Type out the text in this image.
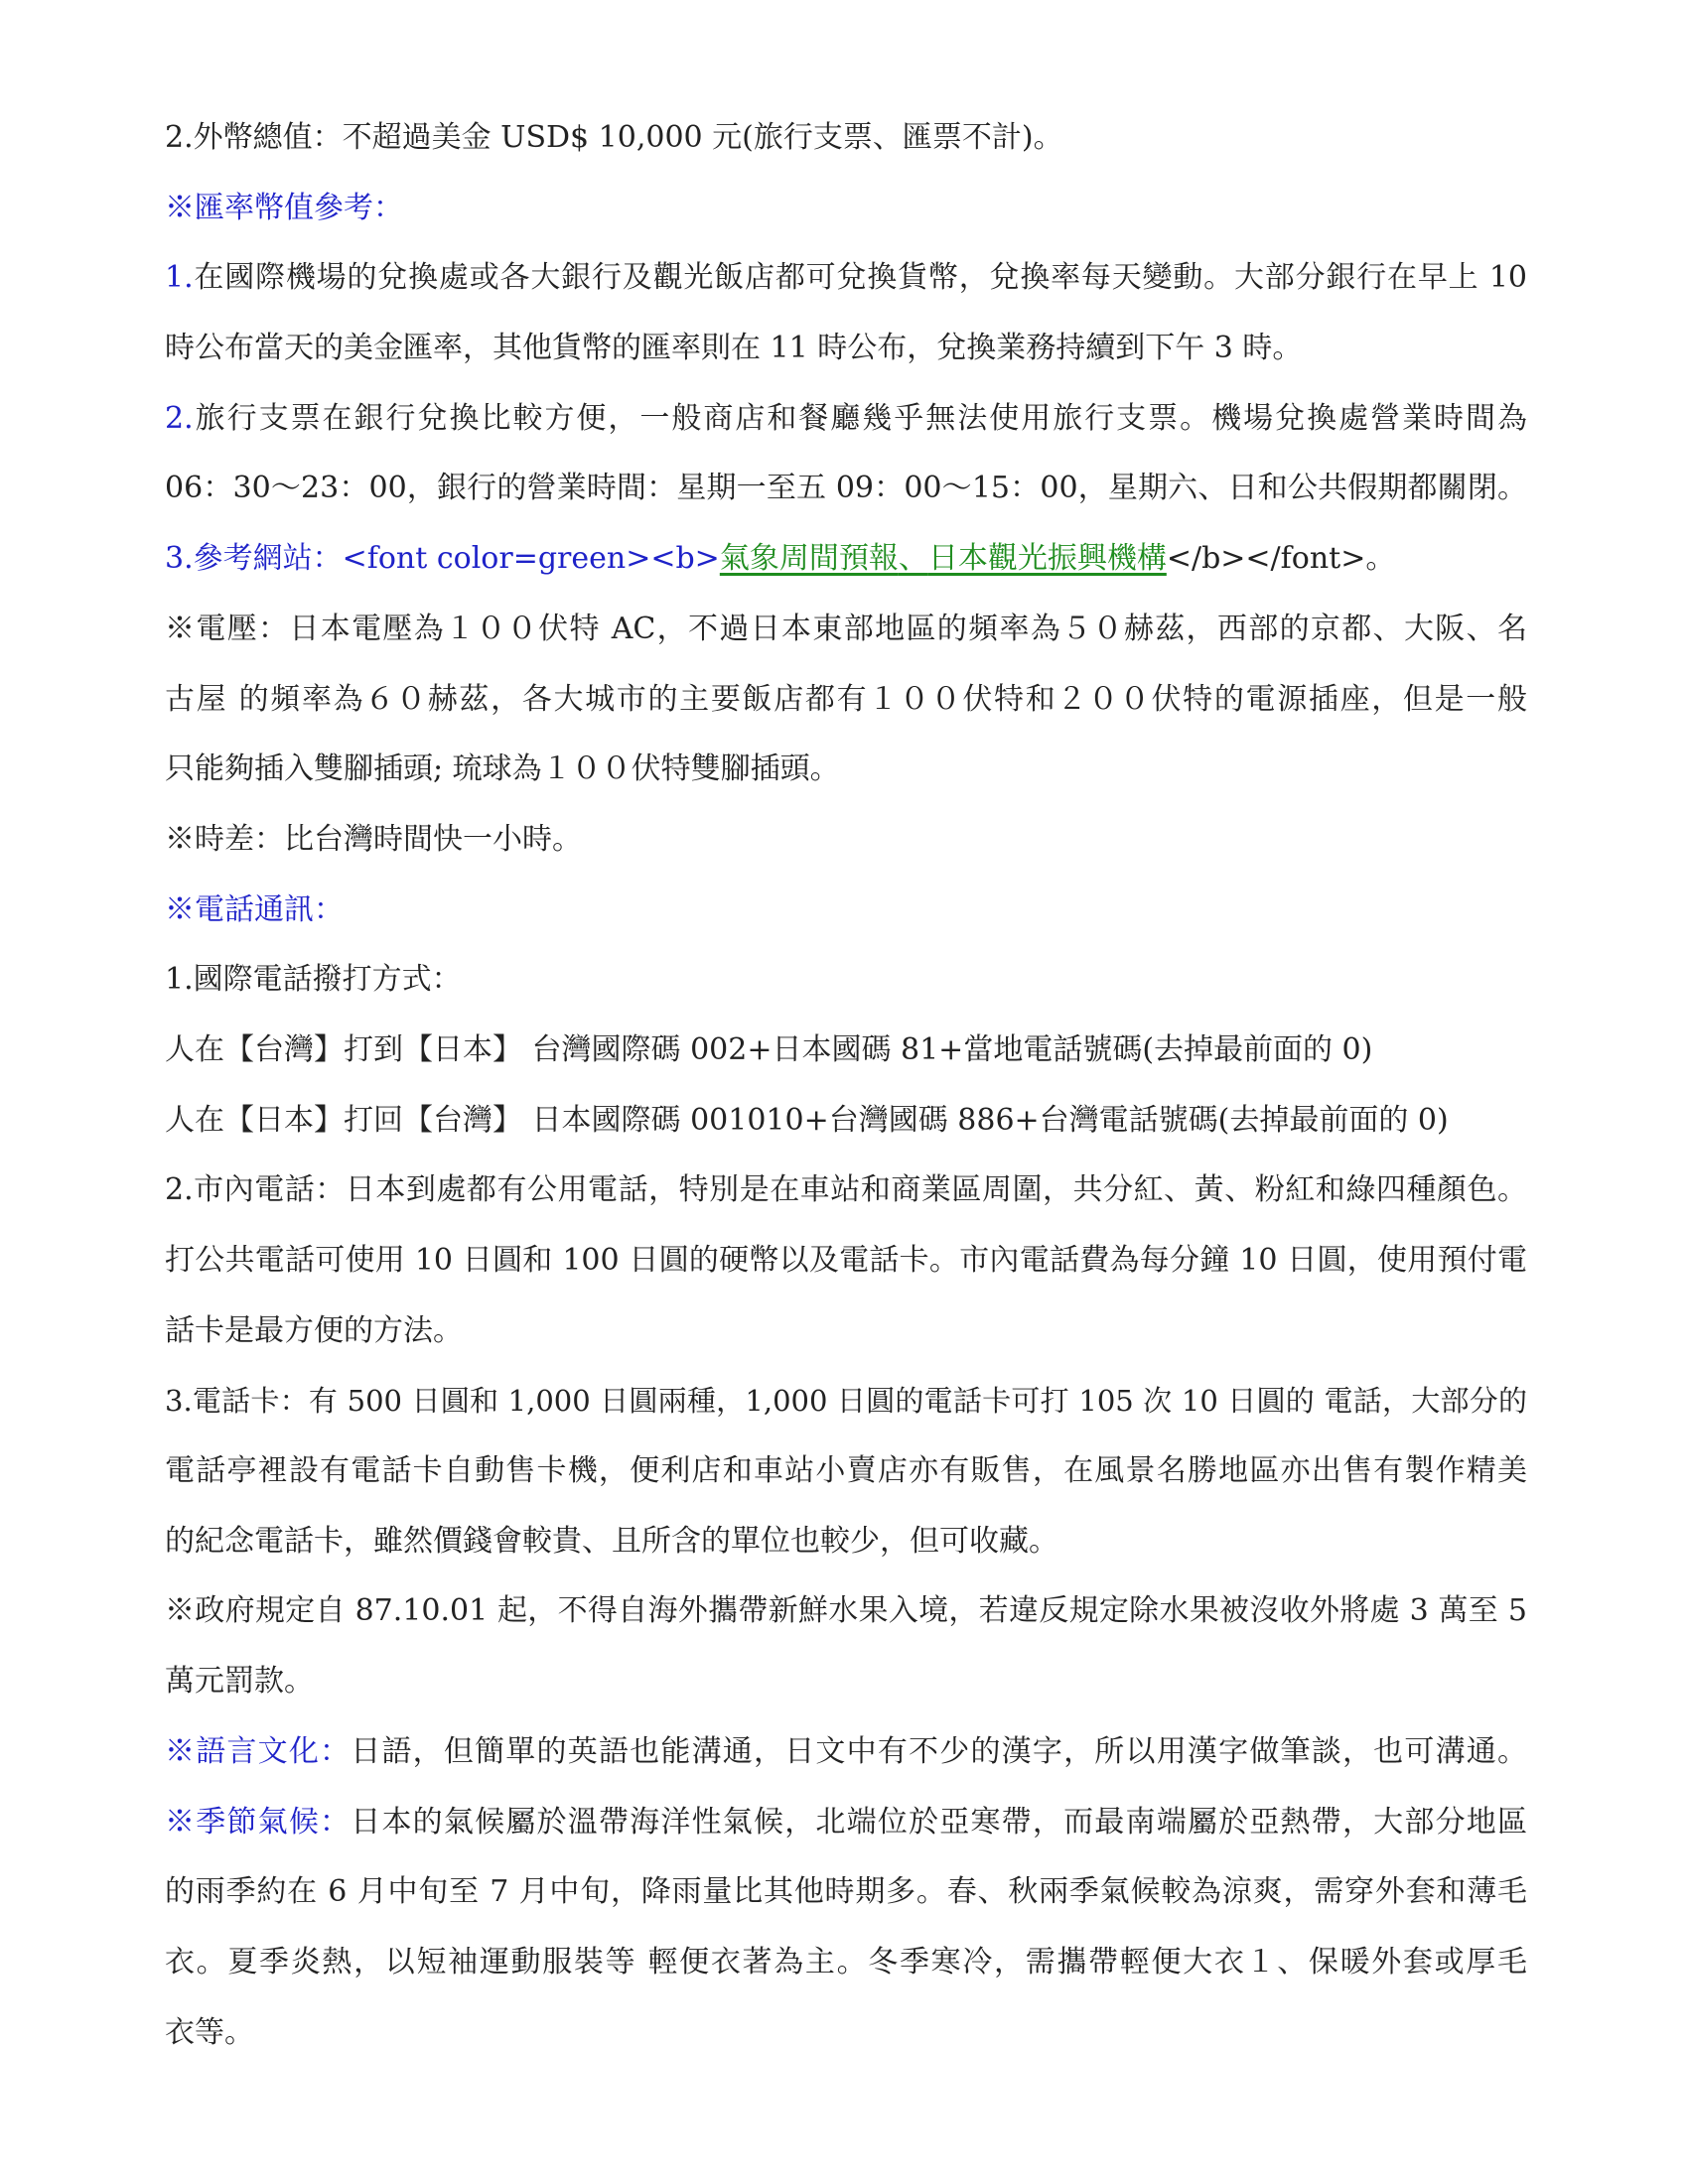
2.外幣總值：不超過美金 USD$ 10,000 元(旅行支票、匯票不計)。
※匯率幣值參考：
1.在國際機場的兌換處或各大銀行及觀光飯店都可兌換貨幣，兌換率每天變動。大部分銀行在早上 10
時公布當天的美金匯率，其他貨幣的匯率則在 11 時公布，兌換業務持續到下午 3 時。
2.旅行支票在銀行兌換比較方便，一般商店和餐廳幾乎無法使用旅行支票。機場兌換處營業時間為
06：30～23：00，銀行的營業時間：星期一至五 09：00～15：00，星期六、日和公共假期都關閉。
3.參考網站：<font color=green><b>氣象周間預報、日本觀光振興機構</b></font>。
※電壓：日本電壓為１００伏特 AC，不過日本東部地區的頻率為５０赫茲，西部的京都、大阪、名
古屋 的頻率為６０赫茲，各大城市的主要飯店都有１００伏特和２００伏特的電源插座，但是一般
只能夠插入雙腳插頭; 琉球為１００伏特雙腳插頭。
※時差：比台灣時間快一小時。
※電話通訊：
1.國際電話撥打方式：
人在【台灣】打到【日本】 台灣國際碼 002+日本國碼 81+當地電話號碼(去掉最前面的 0)
人在【日本】打回【台灣】 日本國際碼 001010+台灣國碼 886+台灣電話號碼(去掉最前面的 0)
2.市內電話：日本到處都有公用電話，特別是在車站和商業區周圍，共分紅、黃、粉紅和綠四種顏色。
打公共電話可使用 10 日圓和 100 日圓的硬幣以及電話卡。市內電話費為每分鐘 10 日圓，使用預付電
話卡是最方便的方法。
3.電話卡：有 500 日圓和 1,000 日圓兩種，1,000 日圓的電話卡可打 105 次 10 日圓的 電話，大部分的
電話亭裡設有電話卡自動售卡機，便利店和車站小賣店亦有販售，在風景名勝地區亦出售有製作精美
的紀念電話卡，雖然價錢會較貴、且所含的單位也較少，但可收藏。
※政府規定自 87.10.01 起，不得自海外攜帶新鮮水果入境，若違反規定除水果被沒收外將處 3 萬至 5
萬元罰款。
※語言文化：日語，但簡單的英語也能溝通，日文中有不少的漢字，所以用漢字做筆談，也可溝通。
※季節氣候：日本的氣候屬於溫帶海洋性氣候，北端位於亞寒帶，而最南端屬於亞熱帶，大部分地區
的雨季約在 6 月中旬至 7 月中旬，降雨量比其他時期多。春、秋兩季氣候較為涼爽，需穿外套和薄毛
衣。夏季炎熱，以短袖運動服裝等 輕便衣著為主。冬季寒冷，需攜帶輕便大衣１、保暖外套或厚毛
衣等。
